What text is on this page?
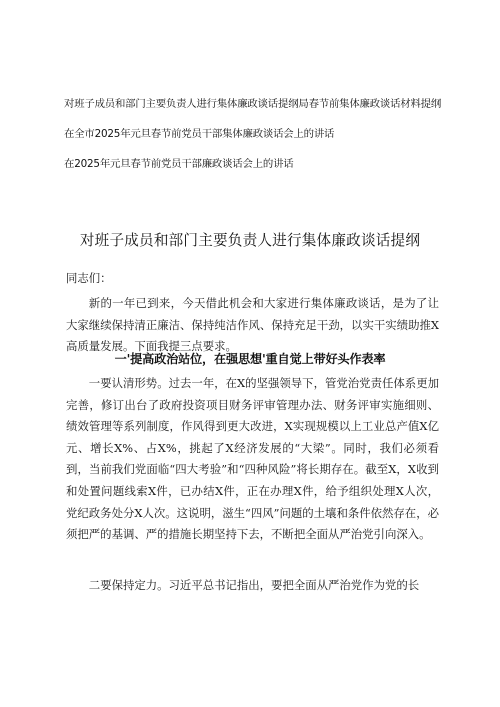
对班子成员和部门主要负责人进行集体廉政谈话提纲局春节前集体廉政谈话材料提纲
在全市2025年元旦春节前党员干部集体廉政谈话会上的讲话
在2025年元旦春节前党员干部廉政谈话会上的讲话
对班子成员和部门主要负责人进行集体廉政谈话提纲
同志们：

新的一年已到来，今天借此机会和大家进行集体廉政谈话，是为了让大家继续保持清正廉洁、保持纯洁作风、保持充足干劲，以实干实绩助推X高质量发展。下面我提三点要求。

一'提高政治站位，在强思想'重自觉上带好头作表率

一要认清形势。过去一年，在X的坚强领导下，管党治党责任体系更加完善，修订出台了政府投资项目财务评审管理办法、财务评审实施细则、绩效管理等系列制度，作风得到更大改进，X实现规模以上工业总产值X亿元、增长X%、占X%，挑起了X经济发展的“大梁”。同时，我们必须看到，当前我们党面临“四大考验”和“四种风险”将长期存在。截至X，X收到和处置问题线索X件，已办结X件，正在办理X件，给予组织处理X人次，党纪政务处分X人次。这说明，滋生“四风”问题的土壤和条件依然存在，必须把严的基调、严的措施长期坚持下去，不断把全面从严治党引向深入。

二要保持定力。习近平总书记指出，要把全面从严治党作为党的长
